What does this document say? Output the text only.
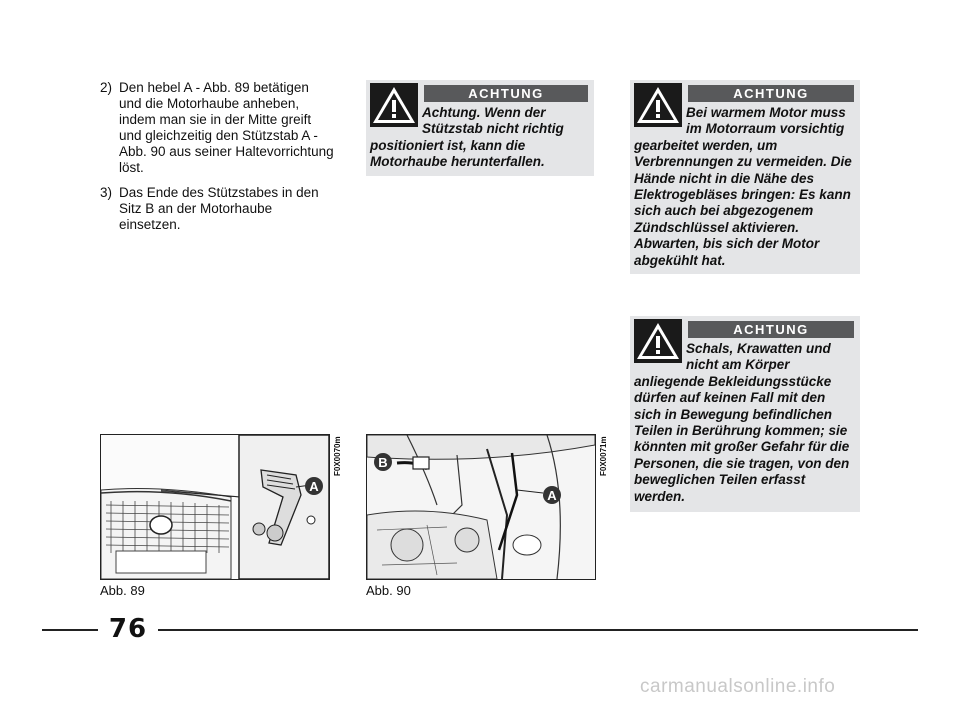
2) Den hebel A - Abb. 89 betätigen und die Motorhaube anheben, indem man sie in der Mitte greift und gleichzeitig den Stützstab A - Abb. 90 aus seiner Haltevorrichtung löst.
3) Das Ende des Stützstabes in den Sitz B an der Motorhaube einsetzen.
ACHTUNG
Achtung. Wenn der Stützstab nicht richtig positioniert ist, kann die Motorhaube herunterfallen.
ACHTUNG
Bei warmem Motor muss im Motorraum vorsichtig gearbeitet werden, um Verbrennungen zu vermeiden. Die Hände nicht in die Nähe des Elektrogebläses bringen: Es kann sich auch bei abgezogenem Zündschlüssel aktivieren. Abwarten, bis sich der Motor abgekühlt hat.
ACHTUNG
Schals, Krawatten und nicht am Körper anliegende Bekleidungsstücke dürfen auf keinen Fall mit den sich in Bewegung befindlichen Teilen in Berührung kommen; sie könnten mit großer Gefahr für die Personen, die sie tragen, von den beweglichen Teilen erfasst werden.
A
F0X0070m
Abb. 89
B
A
F0X0071m
Abb. 90
76
carmanualsonline.info
